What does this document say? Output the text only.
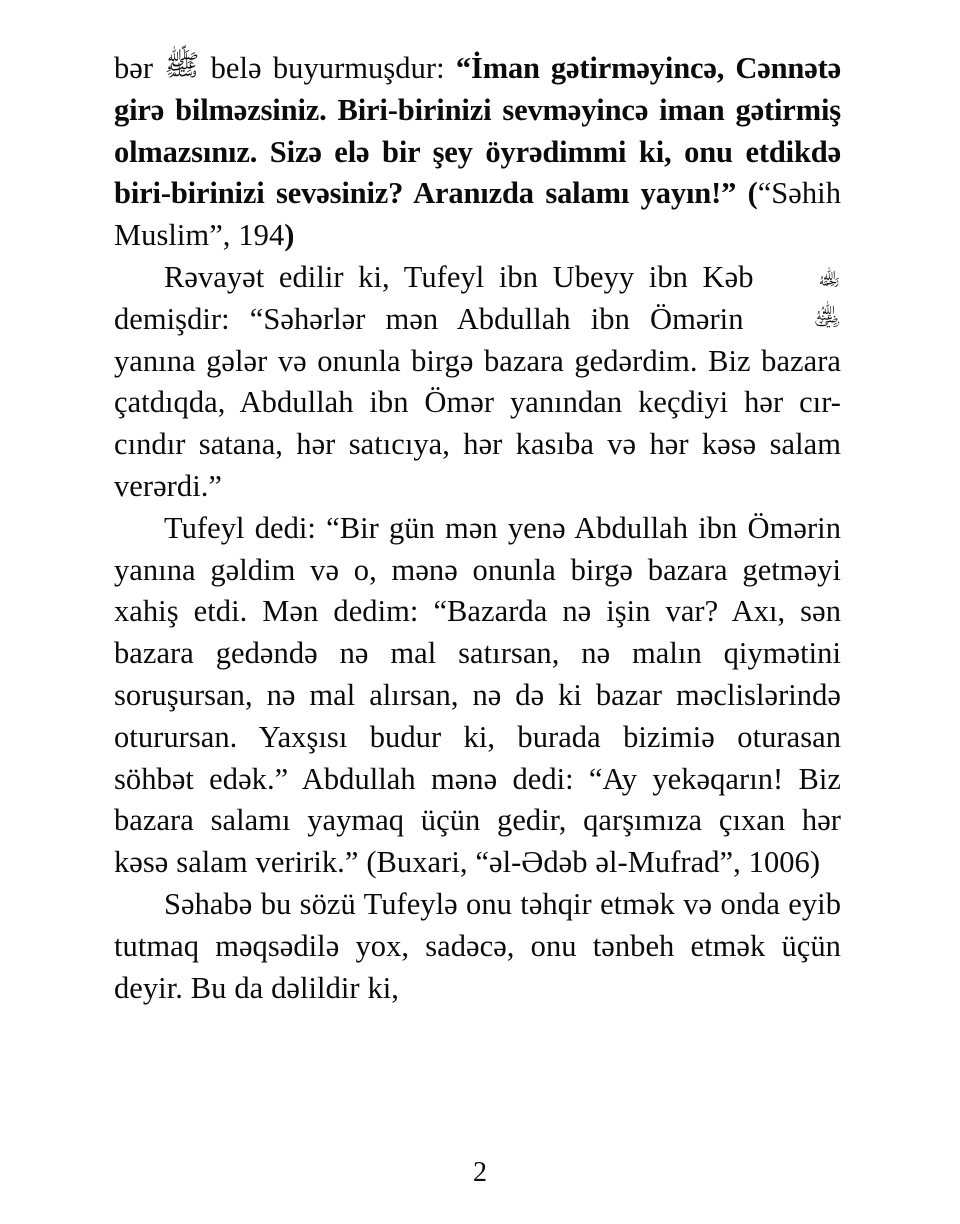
bər ﷺ belə buyurmuşdur: “İman gətirməyincə, Cənnətə girə bilməzsiniz. Biri-birinizi sevməyincə iman gətirmiş olmazsınız. Sizə elə bir şey öyrədimmi ki, onu etdikdə biri-birinizi sevəsiniz? Aranızda salamı yayın!” (“Səhih Muslim”, 194)

Rəvayət edilir ki, Tufeyl ibn Ubeyy ibn Kəb ﵀ demişdir: “Səhərlər mən Abdullah ibn Ömərin ﵁ yanına gələr və onunla birgə bazara gedərdim. Biz bazara çatdıqda, Abdullah ibn Ömər yanından keçdiyi hər cır-cındır satana, hər satıcıya, hər kasıba və hər kəsə salam verərdi.”

Tufeyl dedi: “Bir gün mən yenə Abdullah ibn Ömərin yanına gəldim və o, mənə onunla birgə bazara getməyi xahiş etdi. Mən dedim: “Bazarda nə işin var? Axı, sən bazara gedəndə nə mal satırsan, nə malın qiymətini soruşursan, nə mal alırsan, nə də ki bazar məclislərində oturursan. Yaxşısı budur ki, burada bizimiə oturasan söhbət edək.” Abdullah mənə dedi: “Ay yekəqarın! Biz bazara salamı yaymaq üçün gedir, qarşımıza çıxan hər kəsə salam veririk.” (Buxari, “əl-Ədəb əl-Mufrad”, 1006)

Səhabə bu sözü Tufeylə onu təhqir etmək və onda eyib tutmaq məqsədilə yox, sadəcə, onu tənbeh etmək üçün deyir. Bu da dəlildir ki,

2
